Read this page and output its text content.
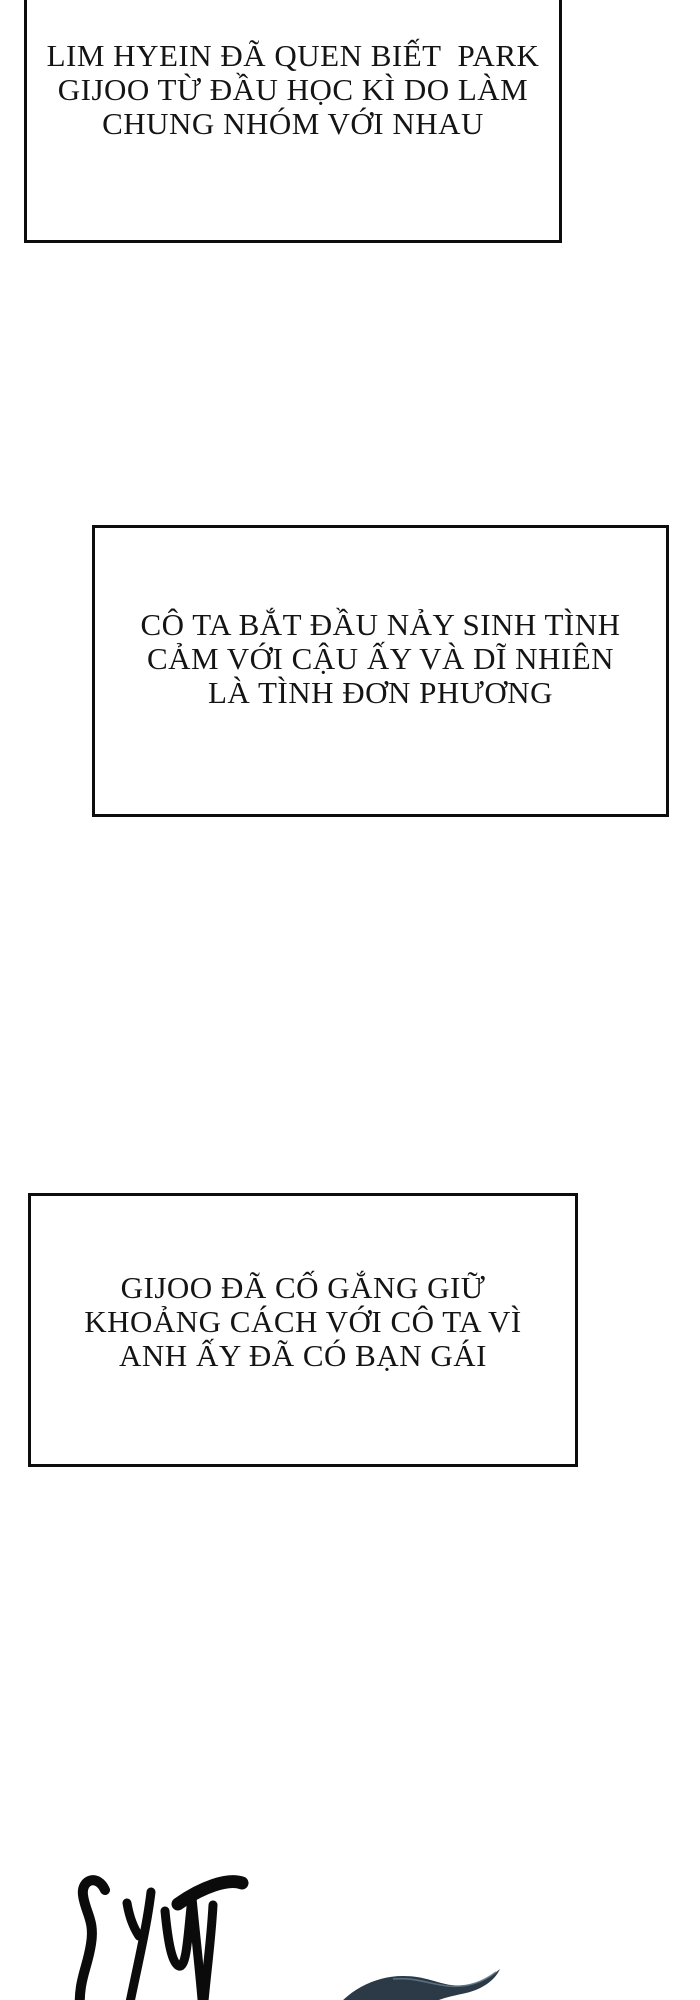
LIM HYEIN ĐÃ QUEN BIẾT  PARK
GIJOO TỪ ĐẦU HỌC KÌ DO LÀM
CHUNG NHÓM VỚI NHAU
CÔ TA BẮT ĐẦU NẢY SINH TÌNH
CẢM VỚI CẬU ẤY VÀ DĨ NHIÊN
LÀ TÌNH ĐƠN PHƯƠNG
GIJOO ĐÃ CỐ GẮNG GIỮ
KHOẢNG CÁCH VỚI CÔ TA VÌ
ANH ẤY ĐÃ CÓ BẠN GÁI
